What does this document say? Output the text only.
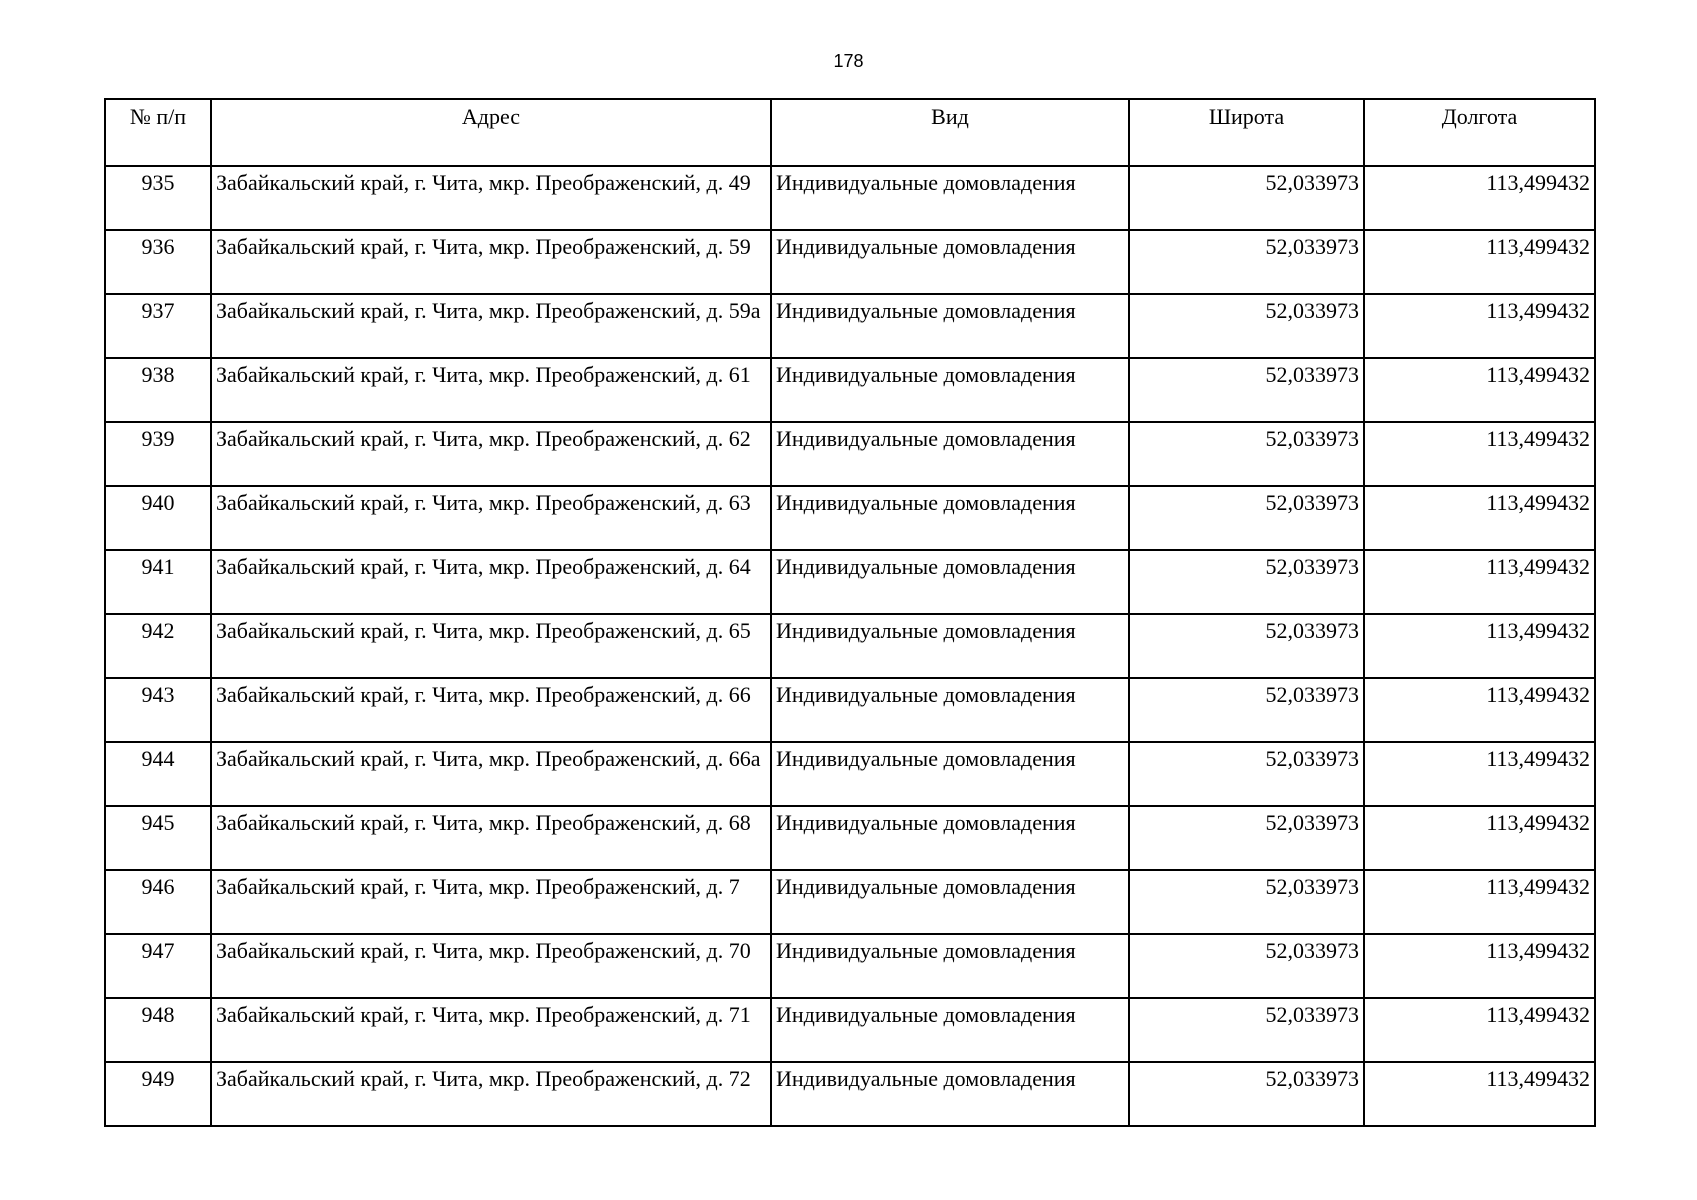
178
№ п/п	Адрес	Вид	Широта	Долгота
935	Забайкальский край, г. Чита, мкр. Преображенский, д. 49	Индивидуальные домовладения	52,033973	113,499432
936	Забайкальский край, г. Чита, мкр. Преображенский, д. 59	Индивидуальные домовладения	52,033973	113,499432
937	Забайкальский край, г. Чита, мкр. Преображенский, д. 59а	Индивидуальные домовладения	52,033973	113,499432
938	Забайкальский край, г. Чита, мкр. Преображенский, д. 61	Индивидуальные домовладения	52,033973	113,499432
939	Забайкальский край, г. Чита, мкр. Преображенский, д. 62	Индивидуальные домовладения	52,033973	113,499432
940	Забайкальский край, г. Чита, мкр. Преображенский, д. 63	Индивидуальные домовладения	52,033973	113,499432
941	Забайкальский край, г. Чита, мкр. Преображенский, д. 64	Индивидуальные домовладения	52,033973	113,499432
942	Забайкальский край, г. Чита, мкр. Преображенский, д. 65	Индивидуальные домовладения	52,033973	113,499432
943	Забайкальский край, г. Чита, мкр. Преображенский, д. 66	Индивидуальные домовладения	52,033973	113,499432
944	Забайкальский край, г. Чита, мкр. Преображенский, д. 66а	Индивидуальные домовладения	52,033973	113,499432
945	Забайкальский край, г. Чита, мкр. Преображенский, д. 68	Индивидуальные домовладения	52,033973	113,499432
946	Забайкальский край, г. Чита, мкр. Преображенский, д. 7	Индивидуальные домовладения	52,033973	113,499432
947	Забайкальский край, г. Чита, мкр. Преображенский, д. 70	Индивидуальные домовладения	52,033973	113,499432
948	Забайкальский край, г. Чита, мкр. Преображенский, д. 71	Индивидуальные домовладения	52,033973	113,499432
949	Забайкальский край, г. Чита, мкр. Преображенский, д. 72	Индивидуальные домовладения	52,033973	113,499432
